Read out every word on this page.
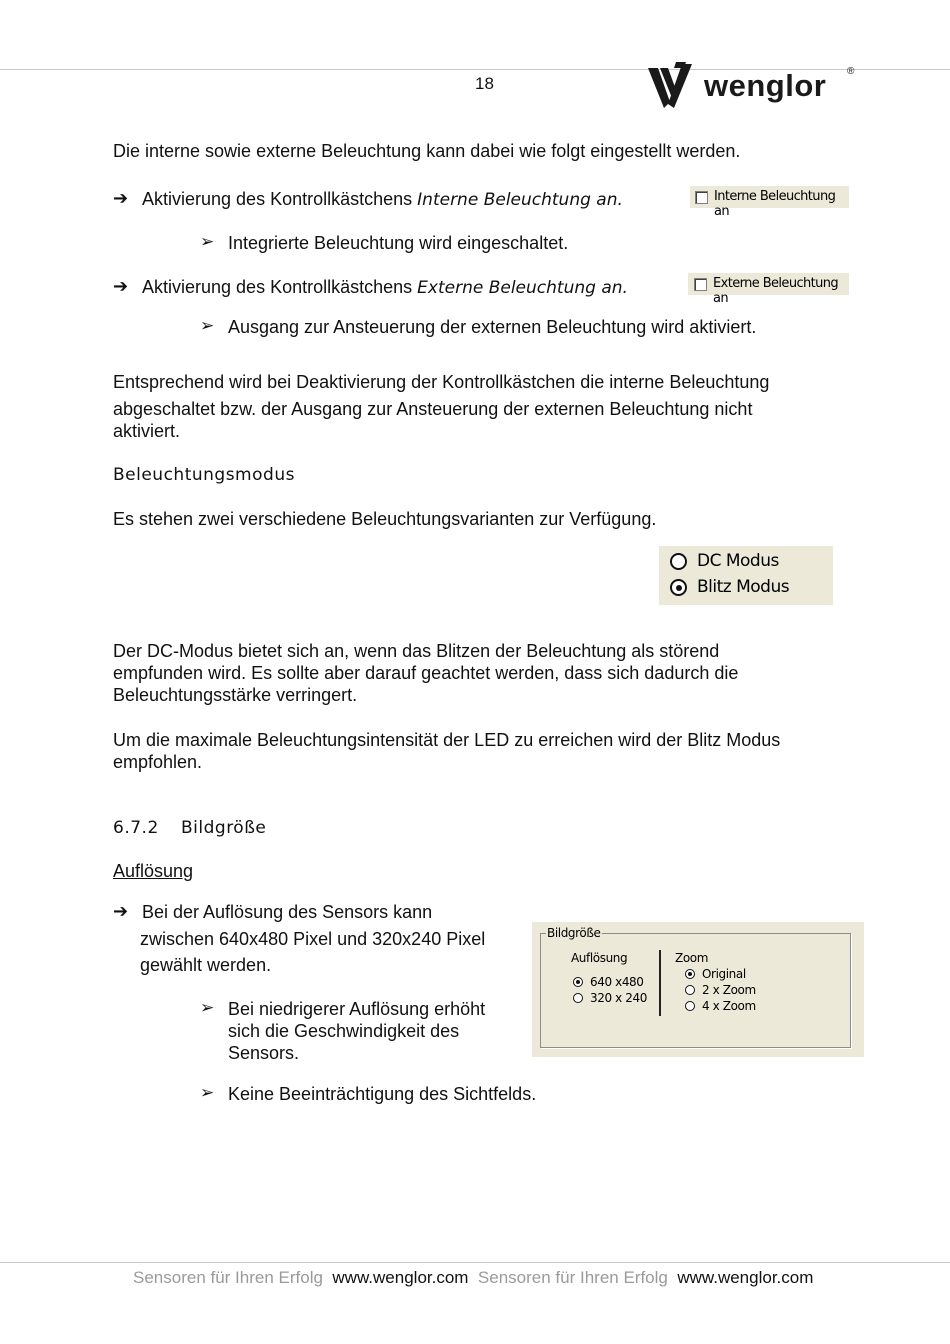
18	wenglor ®
Die interne sowie externe Beleuchtung kann dabei wie folgt eingestellt werden.
➔ Aktivierung des Kontrollkästchens Interne Beleuchtung an.	Interne Beleuchtung an
➢ Integrierte Beleuchtung wird eingeschaltet.
➔ Aktivierung des Kontrollkästchens Externe Beleuchtung an.	Externe Beleuchtung an
➢ Ausgang zur Ansteuerung der externen Beleuchtung wird aktiviert.
Entsprechend wird bei Deaktivierung der Kontrollkästchen die interne Beleuchtung
abgeschaltet bzw. der Ausgang zur Ansteuerung der externen Beleuchtung nicht
aktiviert.
Beleuchtungsmodus
Es stehen zwei verschiedene Beleuchtungsvarianten zur Verfügung.
DC Modus
Blitz Modus
Der DC-Modus bietet sich an, wenn das Blitzen der Beleuchtung als störend
empfunden wird. Es sollte aber darauf geachtet werden, dass sich dadurch die
Beleuchtungsstärke verringert.
Um die maximale Beleuchtungsintensität der LED zu erreichen wird der Blitz Modus
empfohlen.
6.7.2 Bildgröße
Auflösung
➔ Bei der Auflösung des Sensors kann
zwischen 640x480 Pixel und 320x240 Pixel
gewählt werden.
➢ Bei niedrigerer Auflösung erhöht
sich die Geschwindigkeit des
Sensors.
➢ Keine Beeinträchtigung des Sichtfelds.
Bildgröße
Auflösung
640 x480
320 x 240
Zoom
Original
2 x Zoom
4 x Zoom
Sensoren für Ihren Erfolg www.wenglor.com Sensoren für Ihren Erfolg www.wenglor.com
